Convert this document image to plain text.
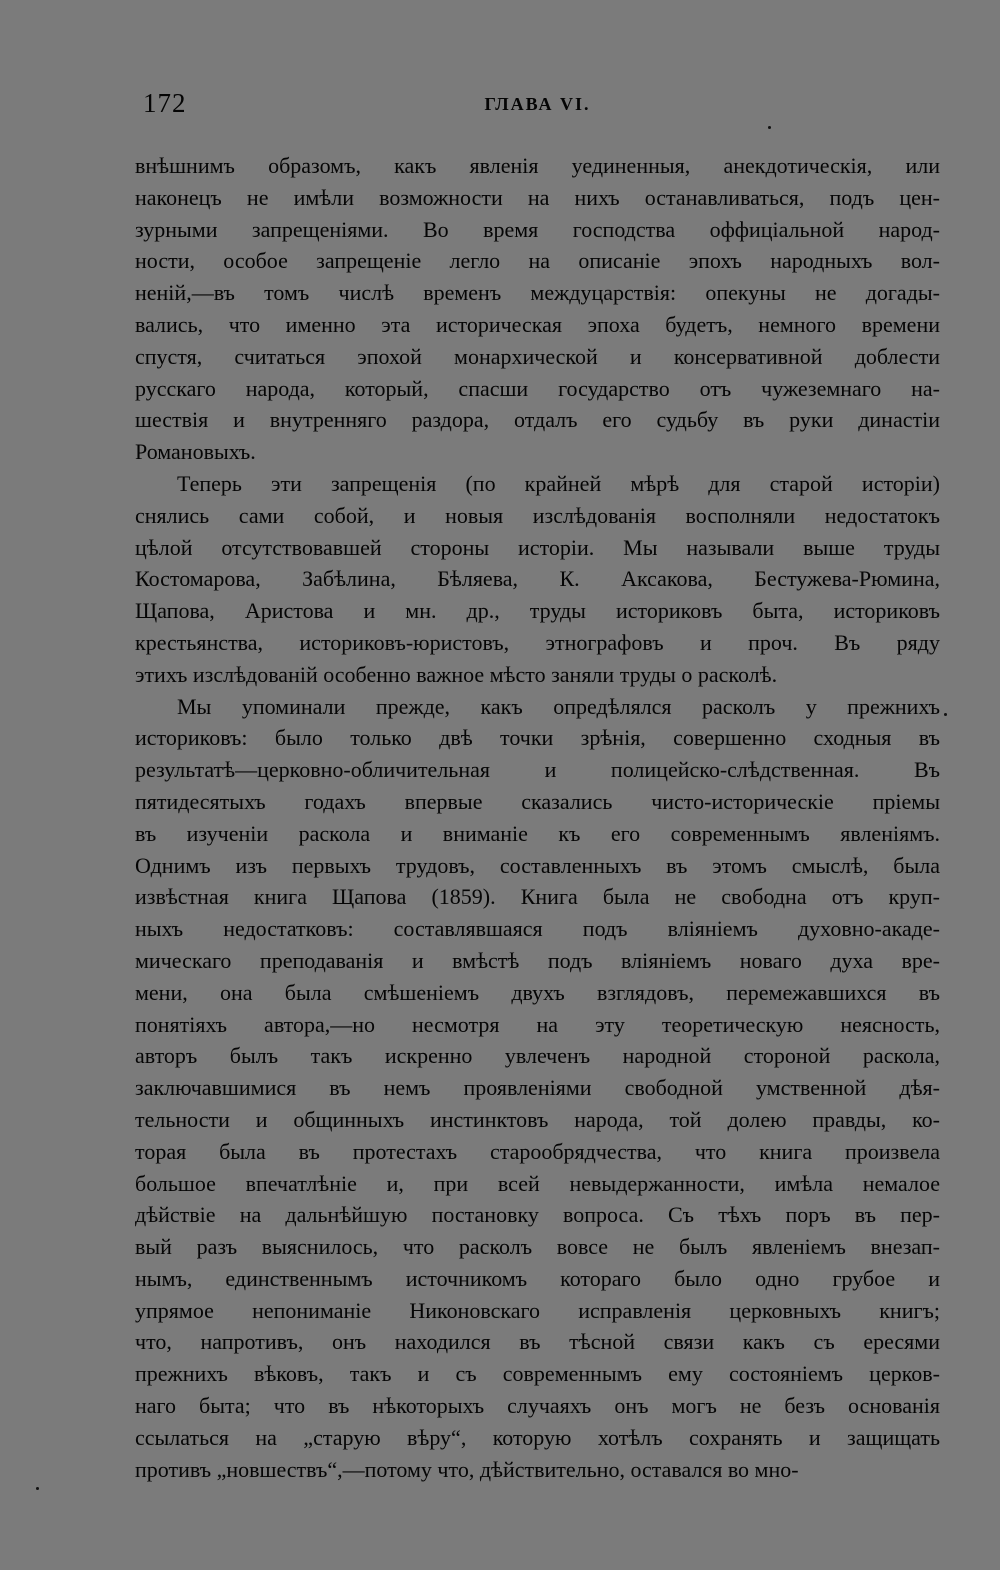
172	ГЛАВА VI.
внѣшнимъ образомъ, какъ явленія уединенныя, анекдотическія, или
наконецъ не имѣли возможности на нихъ останавливаться, подъ цен-
зурными запрещеніями. Во время господства оффиціальной народ-
ности, особое запрещеніе легло на описаніе эпохъ народныхъ вол-
неній,—въ томъ числѣ временъ междуцарствія: опекуны не догады-
вались, что именно эта историческая эпоха будетъ, немного времени
спустя, считаться эпохой монархической и консервативной доблести
русскаго народа, который, спасши государство отъ чужеземнаго на-
шествія и внутренняго раздора, отдалъ его судьбу въ руки династіи
Романовыхъ.
Теперь эти запрещенія (по крайней мѣрѣ для старой исторіи)
снялись сами собой, и новыя изслѣдованія восполняли недостатокъ
цѣлой отсутствовавшей стороны исторіи. Мы называли выше труды
Костомарова, Забѣлина, Бѣляева, К. Аксакова, Бестужева-Рюмина,
Щапова, Аристова и мн. др., труды историковъ быта, историковъ
крестьянства, историковъ-юристовъ, этнографовъ и проч. Въ ряду
этихъ изслѣдованій особенно важное мѣсто заняли труды о расколѣ.
Мы упоминали прежде, какъ опредѣлялся расколъ у прежнихъ
историковъ: было только двѣ точки зрѣнія, совершенно сходныя въ
результатѣ—церковно-обличительная и полицейско-слѣдственная. Въ
пятидесятыхъ годахъ впервые сказались чисто-историческіе пріемы
въ изученіи раскола и вниманіе къ его современнымъ явленіямъ.
Однимъ изъ первыхъ трудовъ, составленныхъ въ этомъ смыслѣ, была
извѣстная книга Щапова (1859). Книга была не свободна отъ круп-
ныхъ недостатковъ: составлявшаяся подъ вліяніемъ духовно-акаде-
мическаго преподаванія и вмѣстѣ подъ вліяніемъ новаго духа вре-
мени, она была смѣшеніемъ двухъ взглядовъ, перемежавшихся въ
понятіяхъ автора,—но несмотря на эту теоретическую неясность,
авторъ былъ такъ искренно увлеченъ народной стороной раскола,
заключавшимися въ немъ проявленіями свободной умственной дѣя-
тельности и общинныхъ инстинктовъ народа, той долею правды, ко-
торая была въ протестахъ старообрядчества, что книга произвела
большое впечатлѣніе и, при всей невыдержанности, имѣла немалое
дѣйствіе на дальнѣйшую постановку вопроса. Съ тѣхъ поръ въ пер-
вый разъ выяснилось, что расколъ вовсе не былъ явленіемъ внезап-
нымъ, единственнымъ источникомъ котораго было одно грубое и
упрямое непониманіе Никоновскаго исправленія церковныхъ книгъ;
что, напротивъ, онъ находился въ тѣсной связи какъ съ ересями
прежнихъ вѣковъ, такъ и съ современнымъ ему состояніемъ церков-
наго быта; что въ нѣкоторыхъ случаяхъ онъ могъ не безъ основанія
ссылаться на „старую вѣру“, которую хотѣлъ сохранять и защищать
противъ „новшествъ“,—потому что, дѣйствительно, оставался во мно-
